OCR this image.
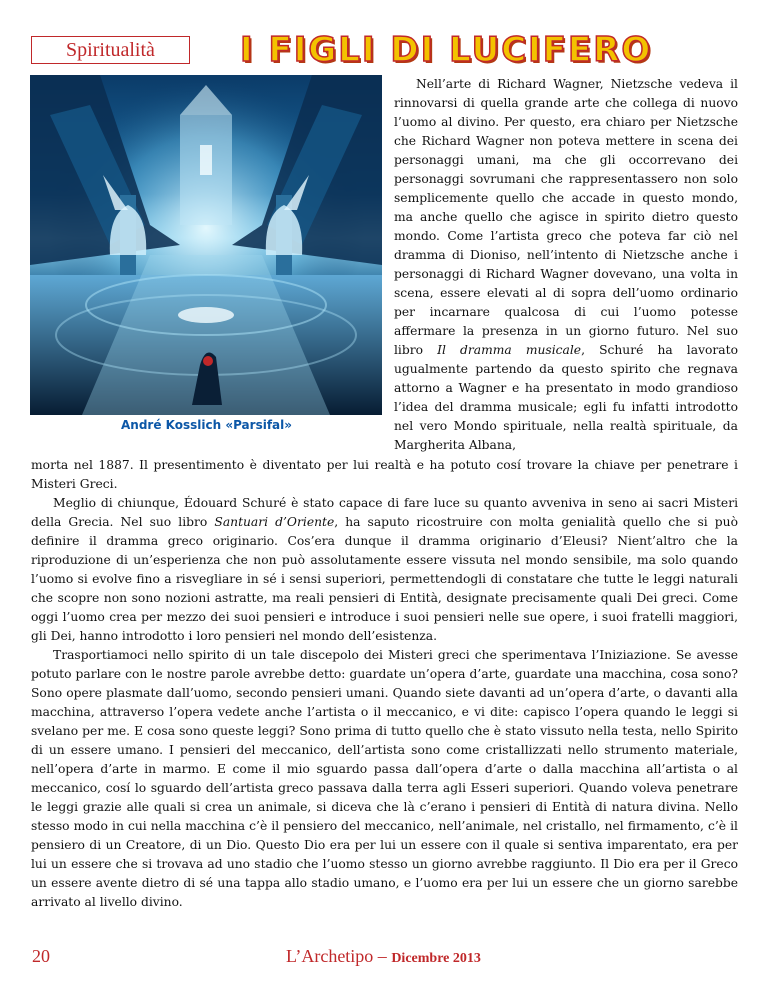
Spiritualità	I FIGLI DI LUCIFERO
André Kosslich «Parsifal»

Nell’arte di Richard Wagner, Nietzsche vedeva il rinnovarsi di quella grande arte che collega di nuovo l’uomo al divino. Per questo, era chiaro per Nietzsche che Richard Wagner non poteva mettere in scena dei personaggi umani, ma che gli occorrevano dei personaggi sovrumani che rappresentassero non solo semplicemente quello che accade in questo mondo, ma anche quello che agisce in spirito dietro questo mondo. Come l’artista greco che poteva far ciò nel dramma di Dioniso, nell’intento di Nietzsche anche i personaggi di Richard Wagner dovevano, una volta in scena, essere elevati al di sopra dell’uomo ordinario per incarnare qualcosa di cui l’uomo potesse affermare la presenza in un giorno futuro. Nel suo libro Il dramma musicale, Schuré ha lavorato ugualmente partendo da questo spirito che regnava attorno a Wagner e ha presentato in modo grandioso l’idea del dramma musicale; egli fu infatti introdotto nel vero Mondo spirituale, nella realtà spirituale, da Margherita Albana,

morta nel 1887. Il presentimento è diventato per lui realtà e ha potuto cosí trovare la chiave per penetrare i Misteri Greci.

Meglio di chiunque, Édouard Schuré è stato capace di fare luce su quanto avveniva in seno ai sacri Misteri della Grecia. Nel suo libro Santuari d’Oriente, ha saputo ricostruire con molta genialità quello che si può definire il dramma greco originario. Cos’era dunque il dramma originario d’Eleusi? Nient’altro che la riproduzione di un’esperienza che non può assolutamente essere vissuta nel mondo sensibile, ma solo quando l’uomo si evolve fino a risvegliare in sé i sensi superiori, permettendogli di constatare che tutte le leggi naturali che scopre non sono nozioni astratte, ma reali pensieri di Entità, designate precisamente quali Dei greci. Come oggi l’uomo crea per mezzo dei suoi pensieri e introduce i suoi pensieri nelle sue opere, i suoi fratelli maggiori, gli Dei, hanno introdotto i loro pensieri nel mondo dell’esistenza.

Trasportiamoci nello spirito di un tale discepolo dei Misteri greci che sperimentava l’Iniziazione. Se avesse potuto parlare con le nostre parole avrebbe detto: guardate un’opera d’arte, guardate una macchina, cosa sono? Sono opere plasmate dall’uomo, secondo pensieri umani. Quando siete davanti ad un’opera d’arte, o davanti alla macchina, attraverso l’opera vedete anche l’artista o il meccanico, e vi dite: capisco l’opera quando le leggi si svelano per me. E cosa sono queste leggi? Sono prima di tutto quello che è stato vissuto nella testa, nello Spirito di un essere umano. I pensieri del meccanico, dell’artista sono come cristallizzati nello strumento materiale, nell’opera d’arte in marmo. E come il mio sguardo passa dall’opera d’arte o dalla macchina all’artista o al meccanico, cosí lo sguardo dell’artista greco passava dalla terra agli Esseri superiori. Quando voleva penetrare le leggi grazie alle quali si crea un animale, si diceva che là c’erano i pensieri di Entità di natura divina. Nello stesso modo in cui nella macchina c’è il pensiero del meccanico, nell’animale, nel cristallo, nel firmamento, c’è il pensiero di un Creatore, di un Dio. Questo Dio era per lui un essere con il quale si sentiva imparentato, era per lui un essere che si trovava ad uno stadio che l’uomo stesso un giorno avrebbe raggiunto. Il Dio era per il Greco un essere avente dietro di sé una tappa allo stadio umano, e l’uomo era per lui un essere che un giorno sarebbe arrivato al livello divino.

20	L’Archetipo – Dicembre 2013
